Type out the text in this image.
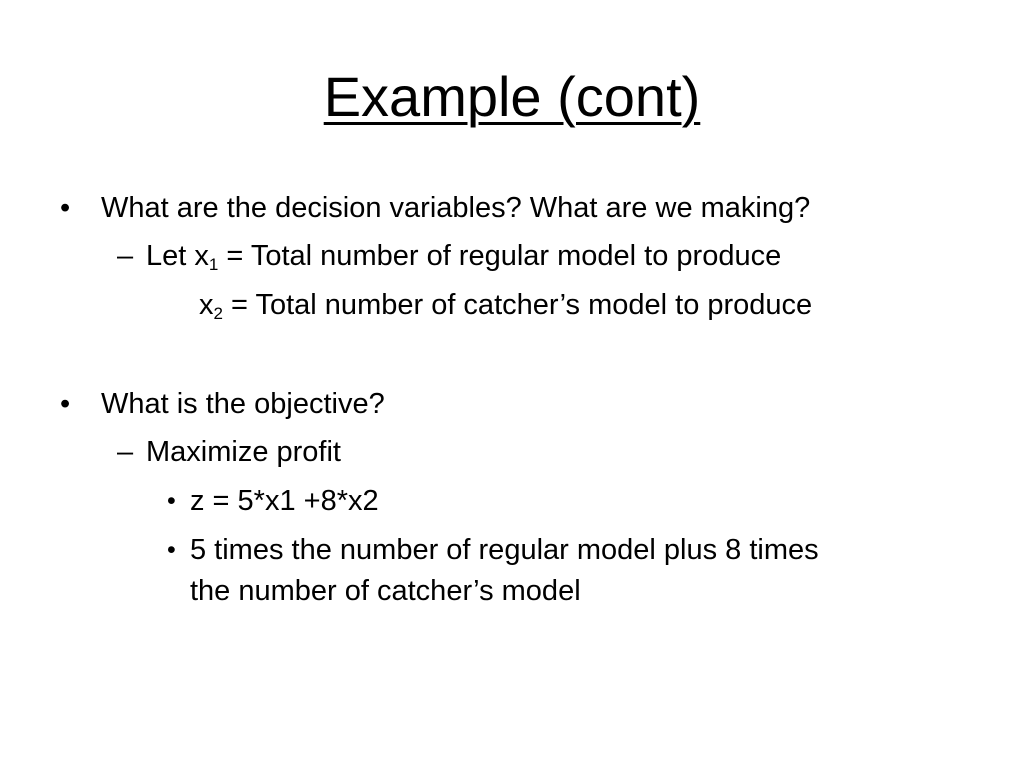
Example (cont)
• What are the decision variables? What are we making?
– Let $x_1$ = Total number of regular model to produce
$x_2$ = Total number of catcher’s model to produce
• What is the objective?
– Maximize profit
• z = 5*x1 +8*x2
• 5 times the number of regular model plus 8 times
the number of catcher’s model
